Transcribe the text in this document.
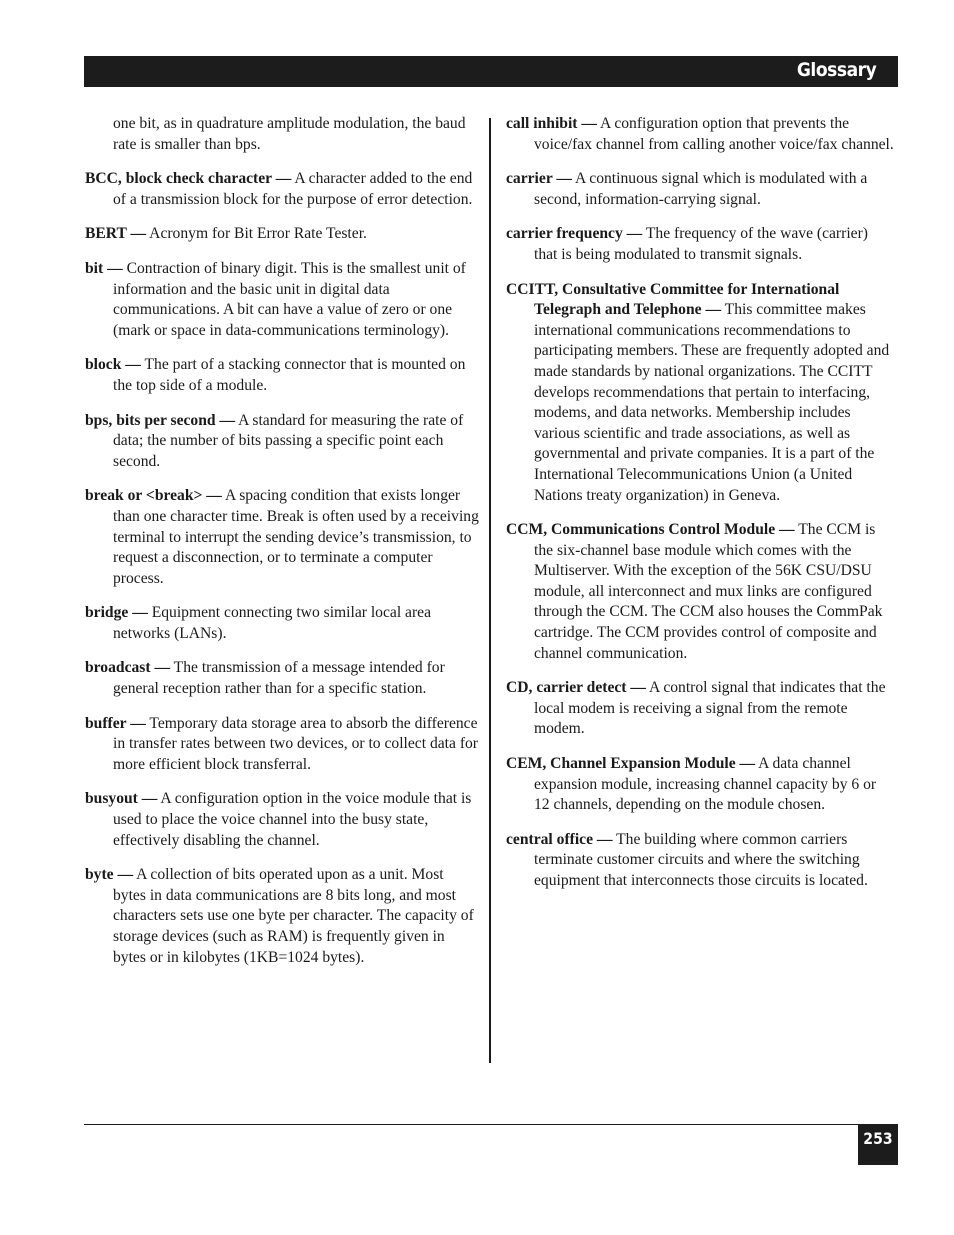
Glossary

one bit, as in quadrature amplitude modulation, the baud rate is smaller than bps.

BCC, block check character — A character added to the end of a transmission block for the purpose of error detection.

BERT — Acronym for Bit Error Rate Tester.

bit — Contraction of binary digit. This is the smallest unit of information and the basic unit in digital data communications. A bit can have a value of zero or one (mark or space in data-communications terminology).

block — The part of a stacking connector that is mounted on the top side of a module.

bps, bits per second — A standard for measuring the rate of data; the number of bits passing a specific point each second.

break or <break> — A spacing condition that exists longer than one character time. Break is often used by a receiving terminal to interrupt the sending device’s transmission, to request a disconnection, or to terminate a computer process.

bridge — Equipment connecting two similar local area networks (LANs).

broadcast — The transmission of a message intended for general reception rather than for a specific station.

buffer — Temporary data storage area to absorb the difference in transfer rates between two devices, or to collect data for more efficient block transferral.

busyout — A configuration option in the voice module that is used to place the voice channel into the busy state, effectively disabling the channel.

byte — A collection of bits operated upon as a unit. Most bytes in data communications are 8 bits long, and most characters sets use one byte per character. The capacity of storage devices (such as RAM) is frequently given in bytes or in kilobytes (1KB=1024 bytes).

call inhibit — A configuration option that prevents the voice/fax channel from calling another voice/fax channel.

carrier — A continuous signal which is modulated with a second, information-carrying signal.

carrier frequency — The frequency of the wave (carrier) that is being modulated to transmit signals.

CCITT, Consultative Committee for International Telegraph and Telephone — This committee makes international communications recommendations to participating members. These are frequently adopted and made standards by national organizations. The CCITT develops recommendations that pertain to interfacing, modems, and data networks. Membership includes various scientific and trade associations, as well as governmental and private companies. It is a part of the International Telecommunications Union (a United Nations treaty organization) in Geneva.

CCM, Communications Control Module — The CCM is the six-channel base module which comes with the Multiserver. With the exception of the 56K CSU/DSU module, all interconnect and mux links are configured through the CCM. The CCM also houses the CommPak cartridge. The CCM provides control of composite and channel communication.

CD, carrier detect — A control signal that indicates that the local modem is receiving a signal from the remote modem.

CEM, Channel Expansion Module — A data channel expansion module, increasing channel capacity by 6 or 12 channels, depending on the module chosen.

central office — The building where common carriers terminate customer circuits and where the switching equipment that interconnects those circuits is located.

253
